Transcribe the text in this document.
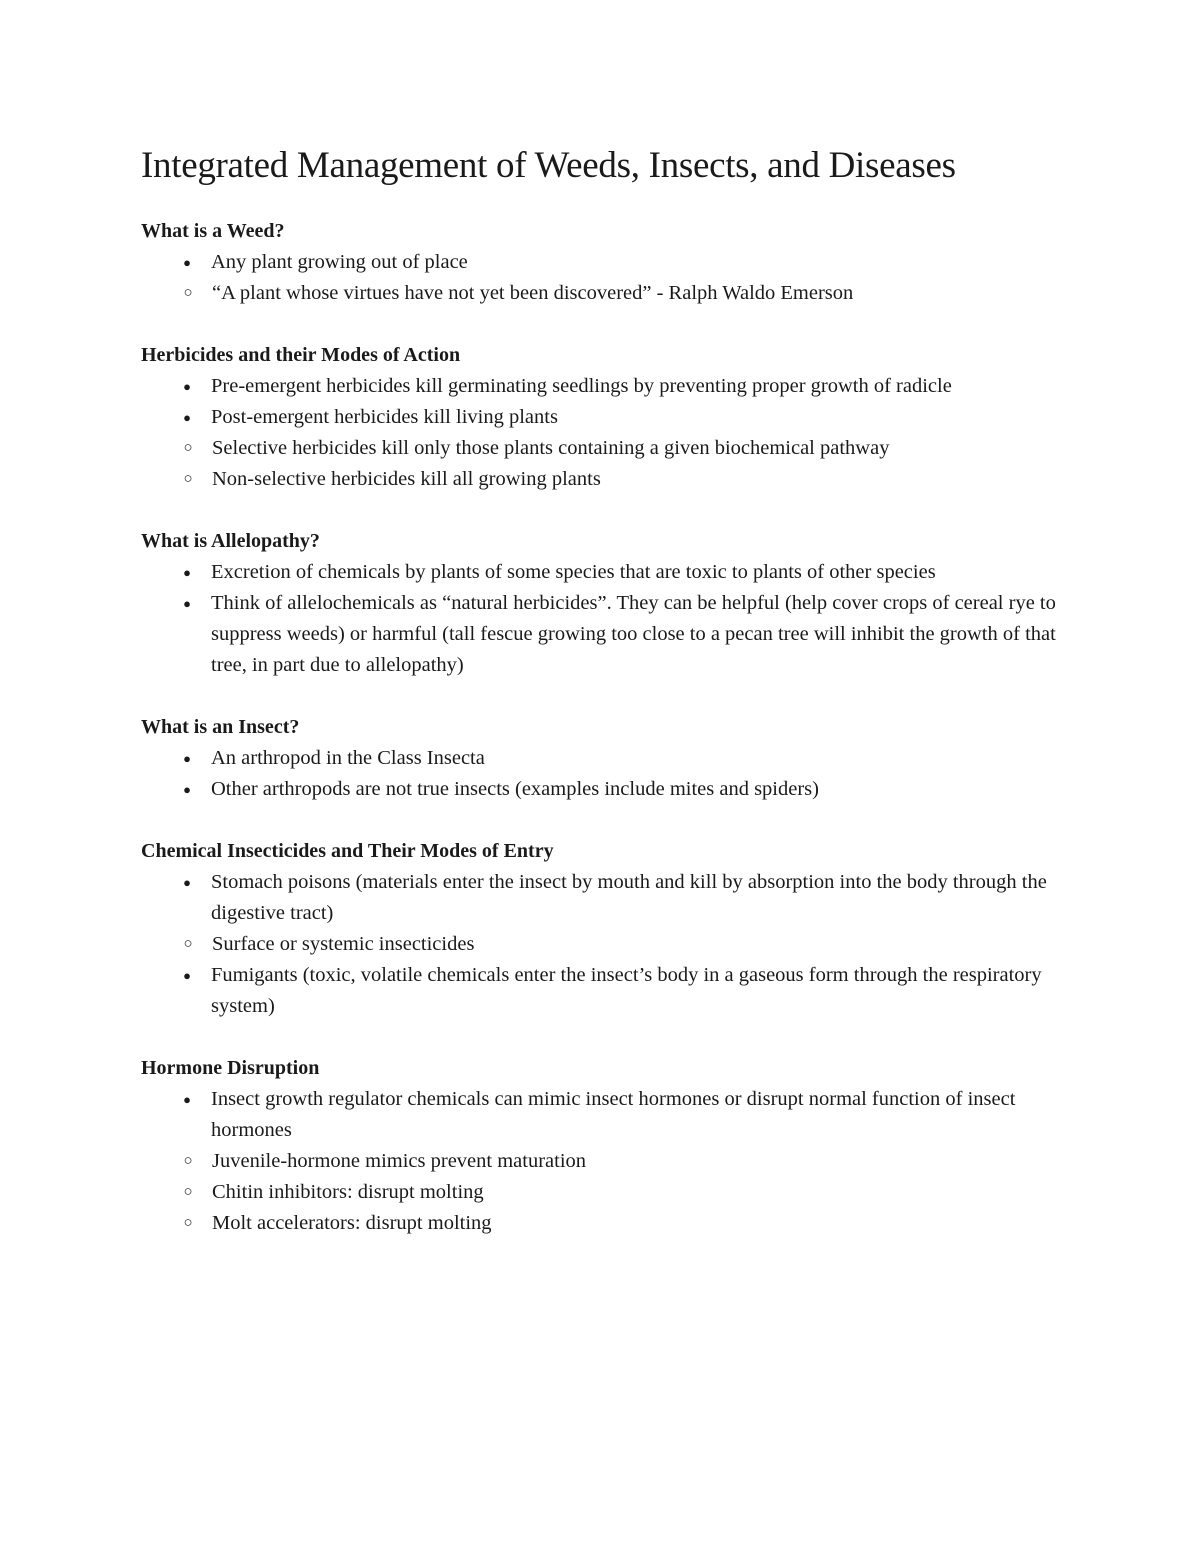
Integrated Management of Weeds, Insects, and Diseases
What is a Weed?
● Any plant growing out of place
○ “A plant whose virtues have not yet been discovered” - Ralph Waldo Emerson
Herbicides and their Modes of Action
● Pre-emergent herbicides kill germinating seedlings by preventing proper growth of radicle
● Post-emergent herbicides kill living plants
○ Selective herbicides kill only those plants containing a given biochemical pathway
○ Non-selective herbicides kill all growing plants
What is Allelopathy?
● Excretion of chemicals by plants of some species that are toxic to plants of other species
● Think of allelochemicals as “natural herbicides”. They can be helpful (help cover crops of cereal rye to suppress weeds) or harmful (tall fescue growing too close to a pecan tree will inhibit the growth of that tree, in part due to allelopathy)
What is an Insect?
● An arthropod in the Class Insecta
● Other arthropods are not true insects (examples include mites and spiders)
Chemical Insecticides and Their Modes of Entry
● Stomach poisons (materials enter the insect by mouth and kill by absorption into the body through the digestive tract)
○ Surface or systemic insecticides
● Fumigants (toxic, volatile chemicals enter the insect’s body in a gaseous form through the respiratory system)
Hormone Disruption
● Insect growth regulator chemicals can mimic insect hormones or disrupt normal function of insect hormones
○ Juvenile-hormone mimics prevent maturation
○ Chitin inhibitors: disrupt molting
○ Molt accelerators: disrupt molting
